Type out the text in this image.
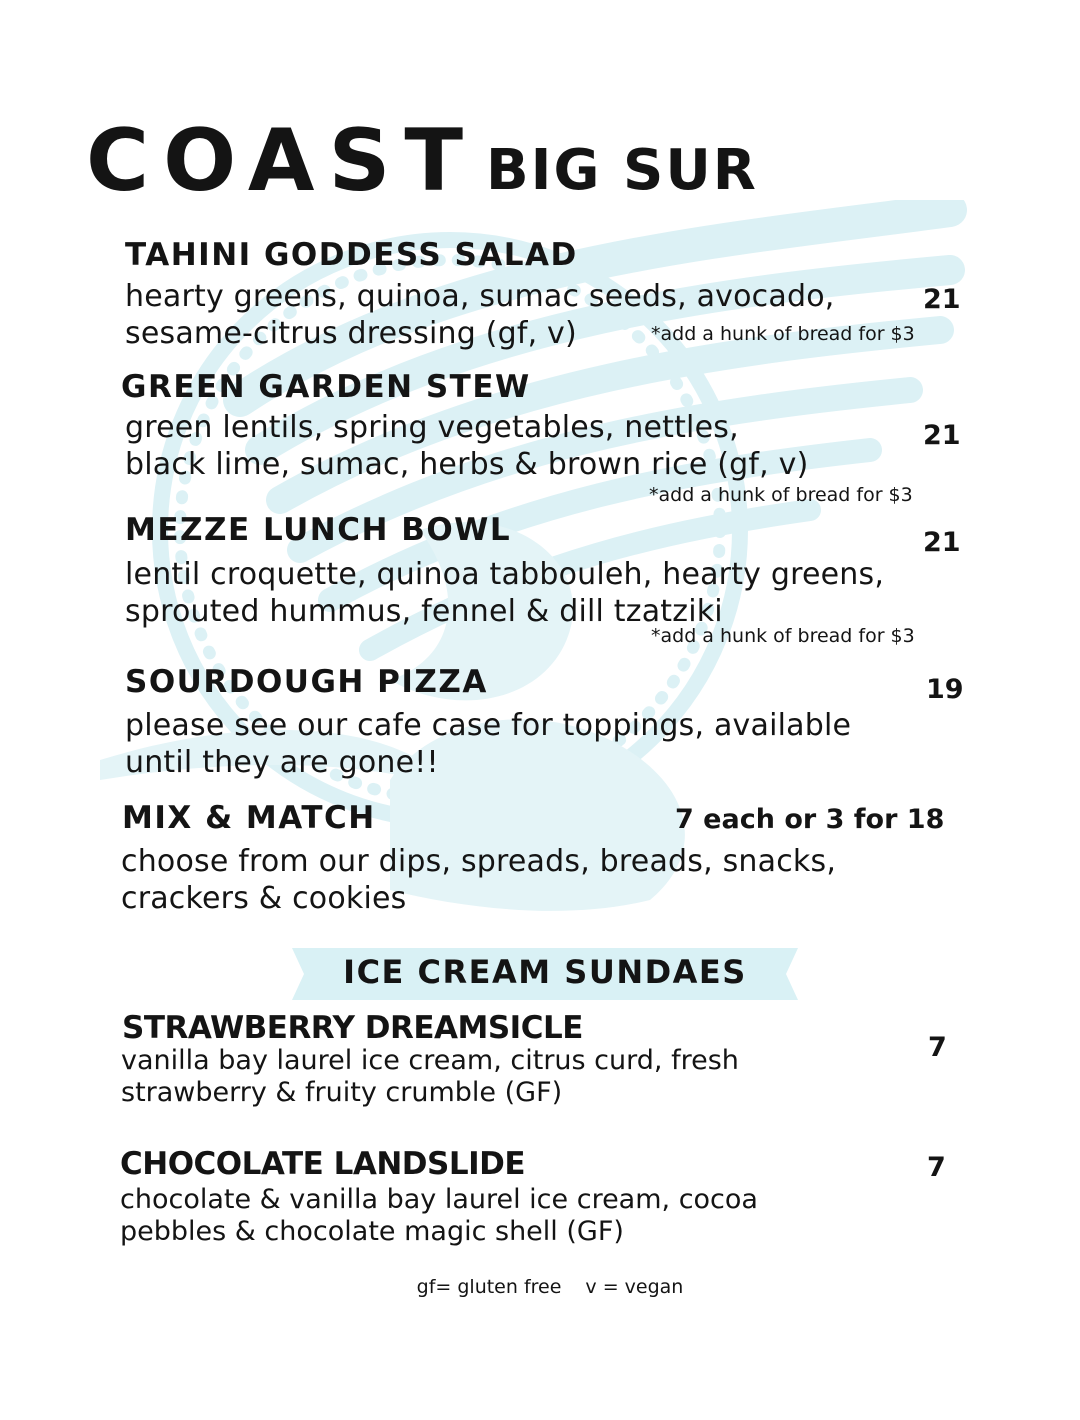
COAST BIG SUR
TAHINI GODDESS SALAD
hearty greens, quinoa, sumac seeds, avocado,
sesame-citrus dressing (gf, v)
21
*add a hunk of bread for $3
GREEN GARDEN STEW
green lentils, spring vegetables, nettles,
black lime, sumac, herbs & brown rice (gf, v)
21
*add a hunk of bread for $3
MEZZE LUNCH BOWL
lentil croquette, quinoa tabbouleh, hearty greens,
sprouted hummus, fennel & dill tzatziki
21
*add a hunk of bread for $3
SOURDOUGH PIZZA
please see our cafe case for toppings, available
until they are gone!!
19
MIX & MATCH
choose from our dips, spreads, breads, snacks,
crackers & cookies
7 each or 3 for 18
ICE CREAM SUNDAES
STRAWBERRY DREAMSICLE
vanilla bay laurel ice cream, citrus curd, fresh
strawberry & fruity crumble (GF)
7
CHOCOLATE LANDSLIDE
chocolate & vanilla bay laurel ice cream, cocoa
pebbles & chocolate magic shell (GF)
7
gf= gluten free v = vegan
